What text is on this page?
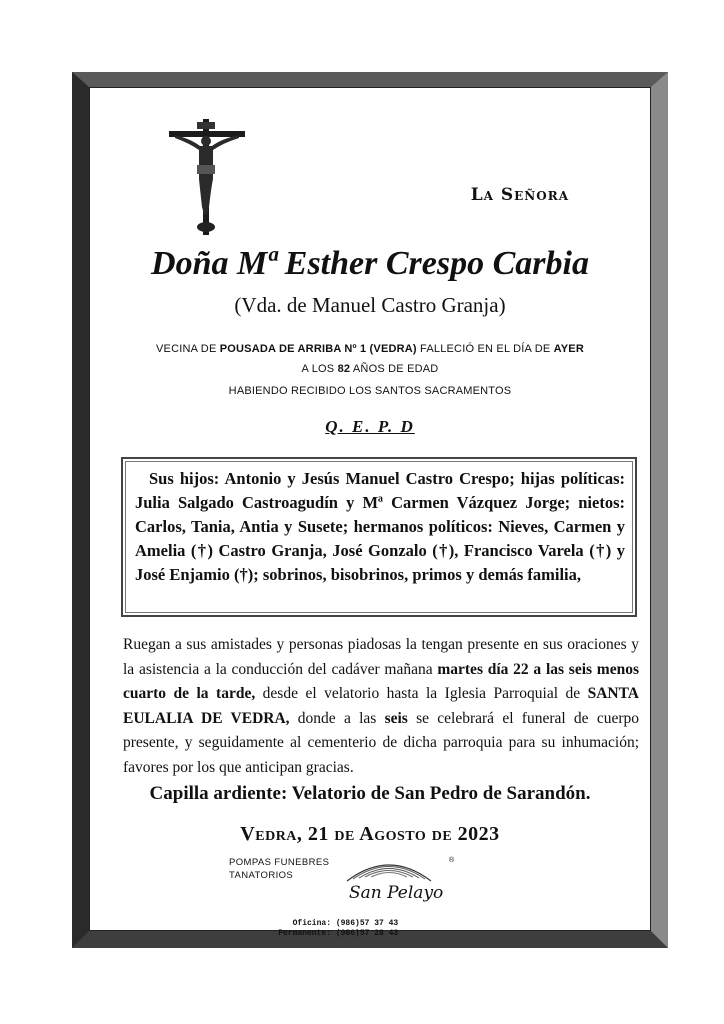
La Señora
Doña Mª Esther Crespo Carbia
(Vda. de Manuel Castro Granja)
VECINA DE POUSADA DE ARRIBA Nº 1 (VEDRA) FALLECIÓ EN EL DÍA DE AYER
A LOS 82 AÑOS DE EDAD
HABIENDO RECIBIDO LOS SANTOS SACRAMENTOS
Q. E. P. D
Sus hijos: Antonio y Jesús Manuel Castro Crespo; hijas políticas: Julia Salgado Castroagudín y Mª Carmen Vázquez Jorge; nietos: Carlos, Tania, Antia y Susete; hermanos políticos: Nieves, Carmen y Amelia (†) Castro Granja, José Gonzalo (†), Francisco Varela (†) y José Enjamio (†); sobrinos, bisobrinos, primos y demás familia,
Ruegan a sus amistades y personas piadosas la tengan presente en sus oraciones y la asistencia a la conducción del cadáver mañana martes día 22 a las seis menos cuarto de la tarde, desde el velatorio hasta la Iglesia Parroquial de SANTA EULALIA DE VEDRA, donde a las seis se celebrará el funeral de cuerpo presente, y seguidamente al cementerio de dicha parroquia para su inhumación; favores por los que anticipan gracias.
Capilla ardiente: Velatorio de San Pedro de Sarandón.
Vedra, 21 de Agosto de 2023
POMPAS FUNEBRES
TANATORIOS
San Pelayo
®
Oficina: (986)57 37 43
Permanente: (986)57 28 43
